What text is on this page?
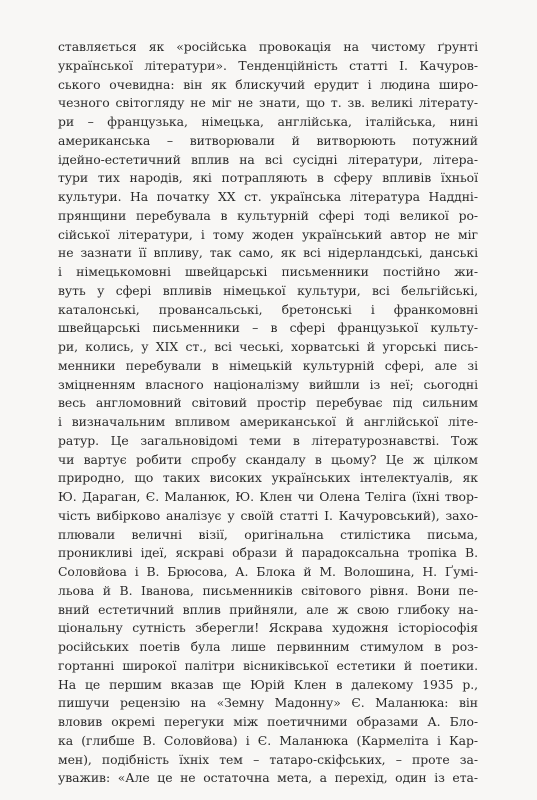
ставляється як «російська провокація на чистому ґрунті
української літератури». Тенденційність статті І. Качуров-
ського очевидна: він як блискучий ерудит і людина широ-
чезного світогляду не міг не знати, що т. зв. великі літерату-
ри – французька, німецька, англійська, італійська, нині
американська – витворювали й витворюють потужний
ідейно-естетичний вплив на всі сусідні літератури, літера-
тури тих народів, які потрапляють в сферу впливів їхньої
культури. На початку ХХ ст. українська література Наддні-
прянщини перебувала в культурній сфері тодi великої ро-
сійської літератури, і тому жоден український автор не міг
не зазнати її впливу, так само, як всі нідерландські, данські
і німецькомовні швейцарські письменники постійно жи-
вуть у сфері впливів німецької культури, всі бельгійські,
каталонські, провансальські, бретонські і франкомовні
швейцарські письменники – в сфері французької культу-
ри, колись, у ХІХ ст., всі чеські, хорватські й угорські пись-
менники перебували в німецькій культурній сфері, але зі
зміцненням власного націоналізму вийшли із неї; сьогодні
весь англомовний світовий простір перебуває під сильним
і визначальним впливом американської й англійської літе-
ратур. Це загальновідомі теми в літературознавстві. Тож
чи вартує робити спробу скандалу в цьому? Це ж цілком
природно, що таких високих українських інтелектуалів, як
Ю. Дараган, Є. Маланюк, Ю. Клен чи Олена Теліга (їхні твор-
чість вибірково аналізує у своїй статті І. Качуровський), захо-
плювали величні візії, оригінальна стилістика письма,
проникливі ідеї, яскраві образи й парадоксальна тропіка В.
Соловйова і В. Брюсова, А. Блока й М. Волошина, Н. Ґумі-
льова й В. Іванова, письменників світового рівня. Вони пе-
вний естетичний вплив прийняли, але ж свою глибоку на-
ціональну сутність зберегли! Яскрава художня історіософія
російських поетів була лише первинним стимулом в роз-
гортанні широкої палітри вісниківської естетики й поетики.
На це першим вказав ще Юрій Клен в далекому 1935 р.,
пишучи рецензію на «Земну Мадонну» Є. Маланюка: він
вловив окремі перегуки між поетичними образами А. Бло-
ка (глибше В. Соловйова) і Є. Маланюка (Кармеліта і Кар-
мен), подібність їхніх тем – татаро-скіфських, – проте за-
уважив: «Але це не остаточна мета, а перехід, один із ета-
